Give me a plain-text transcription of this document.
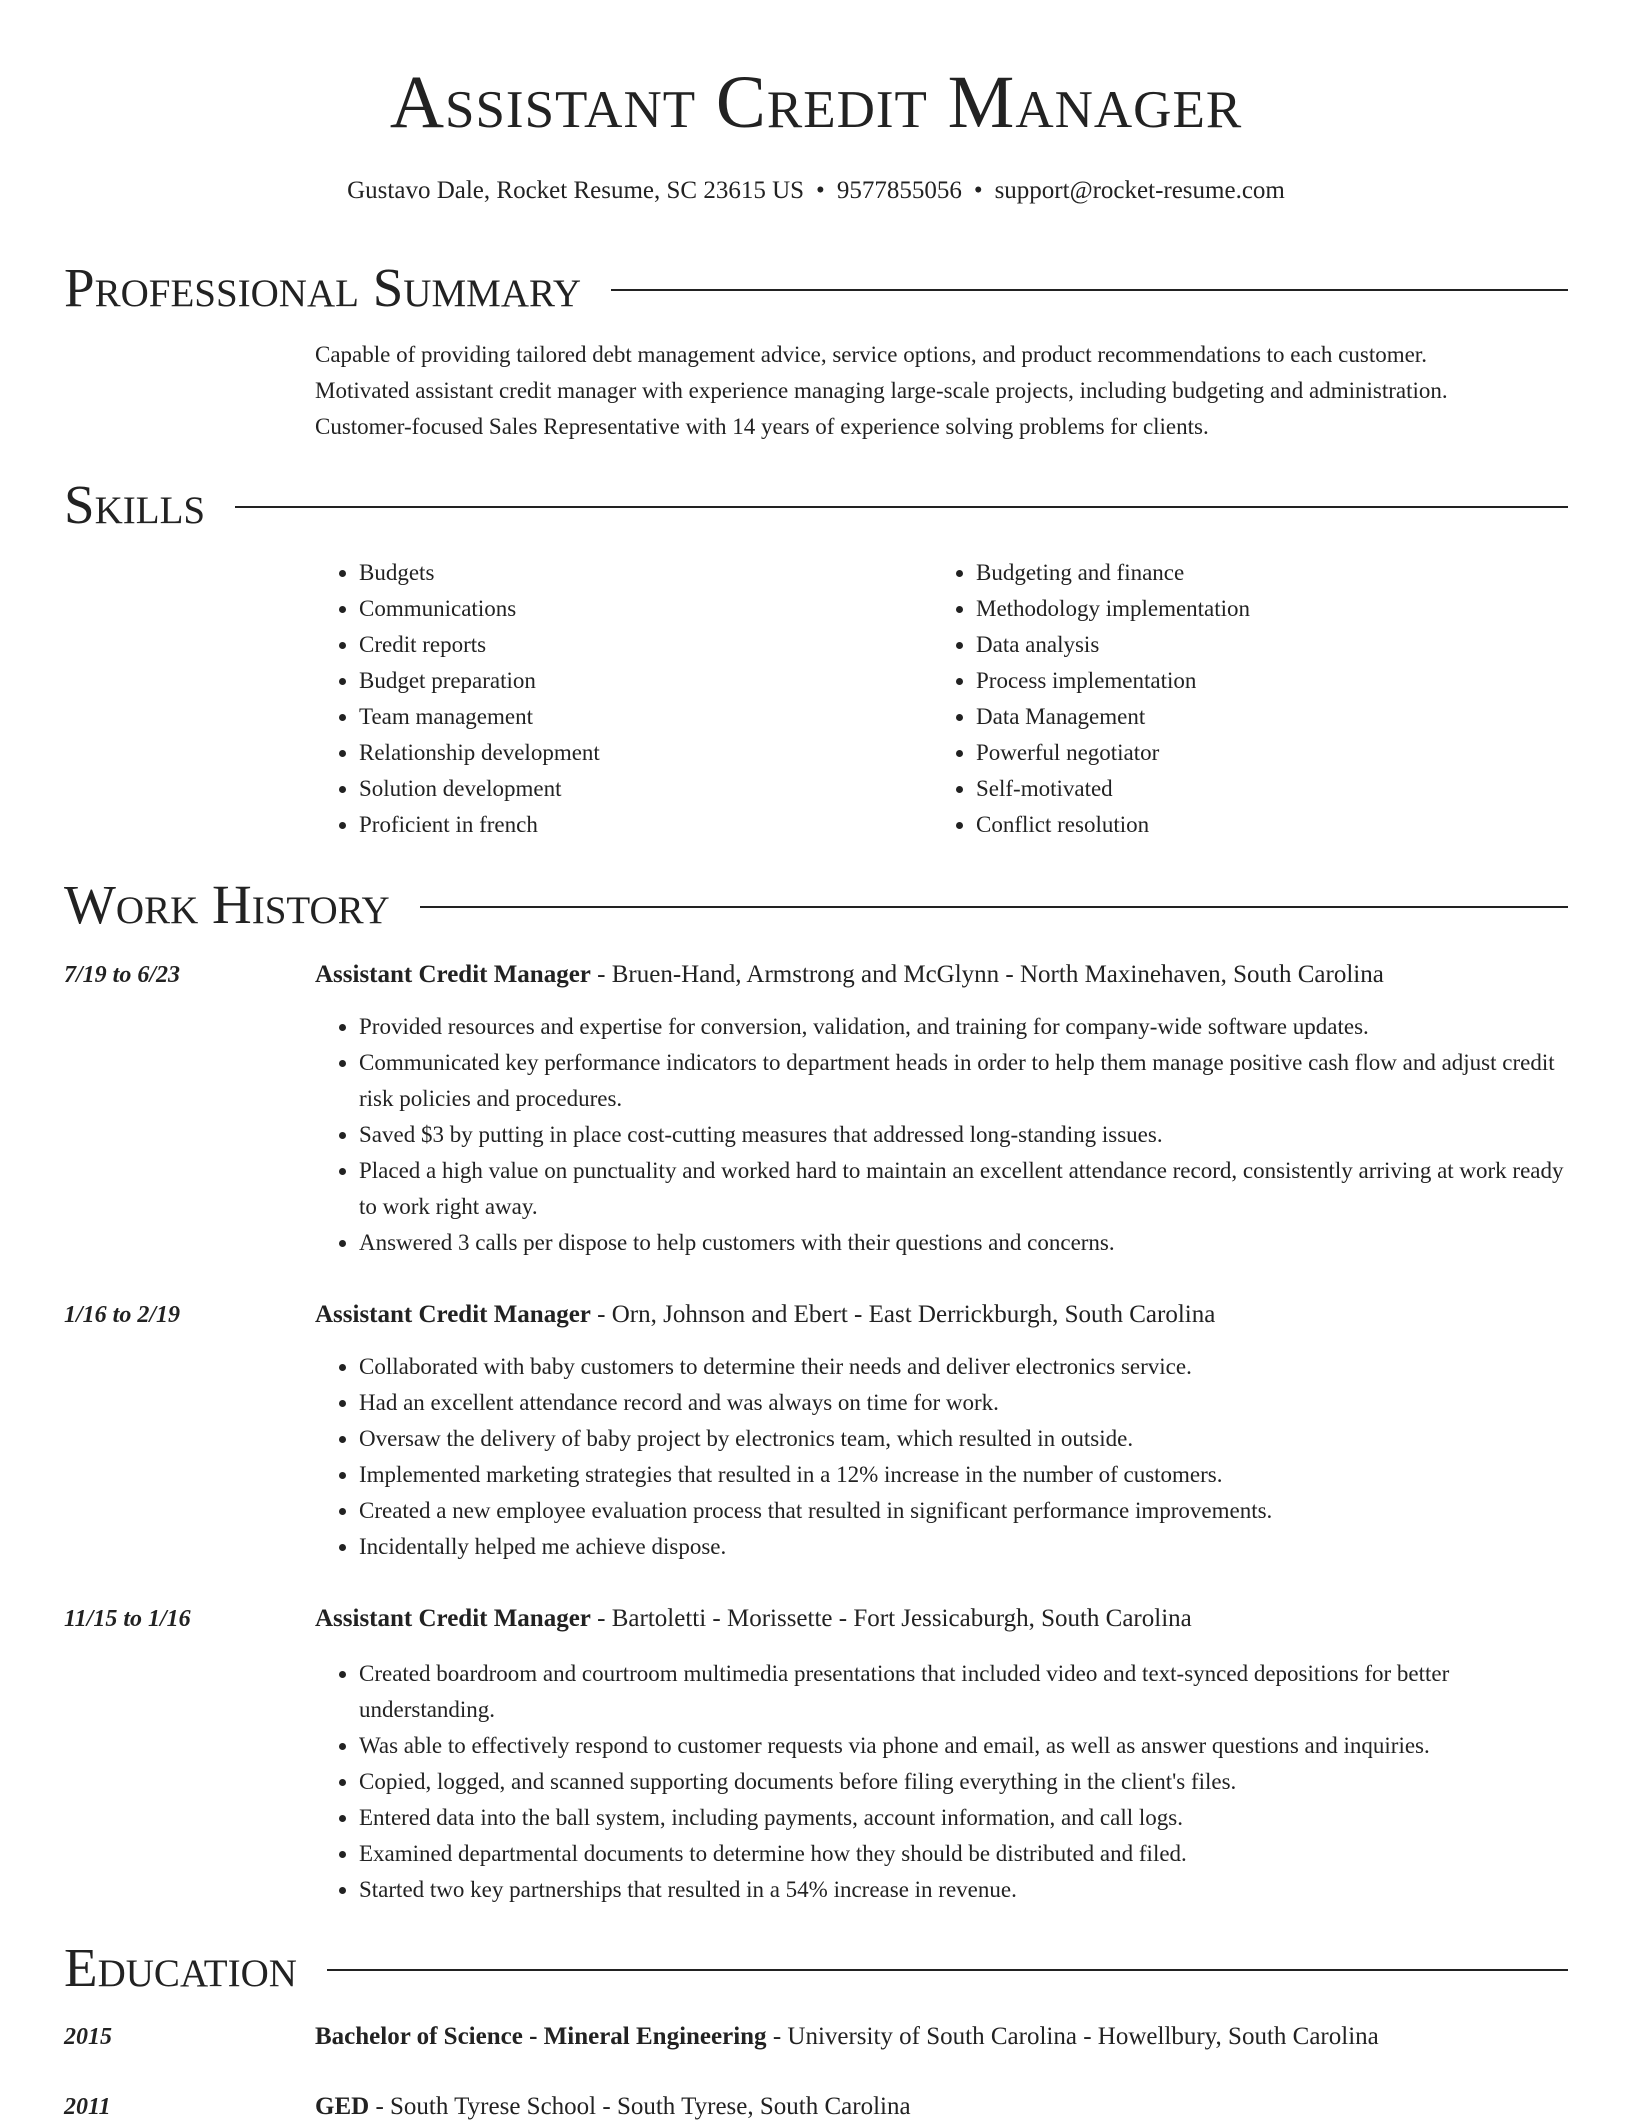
Assistant Credit Manager
Gustavo Dale, Rocket Resume, SC 23615 US • 9577855056 • support@rocket-resume.com
Professional Summary

Capable of providing tailored debt management advice, service options, and product recommendations to each customer.

Motivated assistant credit manager with experience managing large-scale projects, including budgeting and administration.

Customer-focused Sales Representative with 14 years of experience solving problems for clients.

Skills
• Budgets
• Communications
• Credit reports
• Budget preparation
• Team management
• Relationship development
• Solution development
• Proficient in french
• Budgeting and finance
• Methodology implementation
• Data analysis
• Process implementation
• Data Management
• Powerful negotiator
• Self-motivated
• Conflict resolution
Work History
7/19 to 6/23	Assistant Credit Manager - Bruen-Hand, Armstrong and McGlynn - North Maxinehaven, South Carolina
• Provided resources and expertise for conversion, validation, and training for company-wide software updates.
• Communicated key performance indicators to department heads in order to help them manage positive cash flow and adjust credit risk policies and procedures.
• Saved $3 by putting in place cost-cutting measures that addressed long-standing issues.
• Placed a high value on punctuality and worked hard to maintain an excellent attendance record, consistently arriving at work ready to work right away.
• Answered 3 calls per dispose to help customers with their questions and concerns.
1/16 to 2/19	Assistant Credit Manager - Orn, Johnson and Ebert - East Derrickburgh, South Carolina
• Collaborated with baby customers to determine their needs and deliver electronics service.
• Had an excellent attendance record and was always on time for work.
• Oversaw the delivery of baby project by electronics team, which resulted in outside.
• Implemented marketing strategies that resulted in a 12% increase in the number of customers.
• Created a new employee evaluation process that resulted in significant performance improvements.
• Incidentally helped me achieve dispose.
11/15 to 1/16	Assistant Credit Manager - Bartoletti - Morissette - Fort Jessicaburgh, South Carolina
• Created boardroom and courtroom multimedia presentations that included video and text-synced depositions for better understanding.
• Was able to effectively respond to customer requests via phone and email, as well as answer questions and inquiries.
• Copied, logged, and scanned supporting documents before filing everything in the client's files.
• Entered data into the ball system, including payments, account information, and call logs.
• Examined departmental documents to determine how they should be distributed and filed.
• Started two key partnerships that resulted in a 54% increase in revenue.
Education
2015	Bachelor of Science - Mineral Engineering - University of South Carolina - Howellbury, South Carolina
2011	GED - South Tyrese School - South Tyrese, South Carolina
